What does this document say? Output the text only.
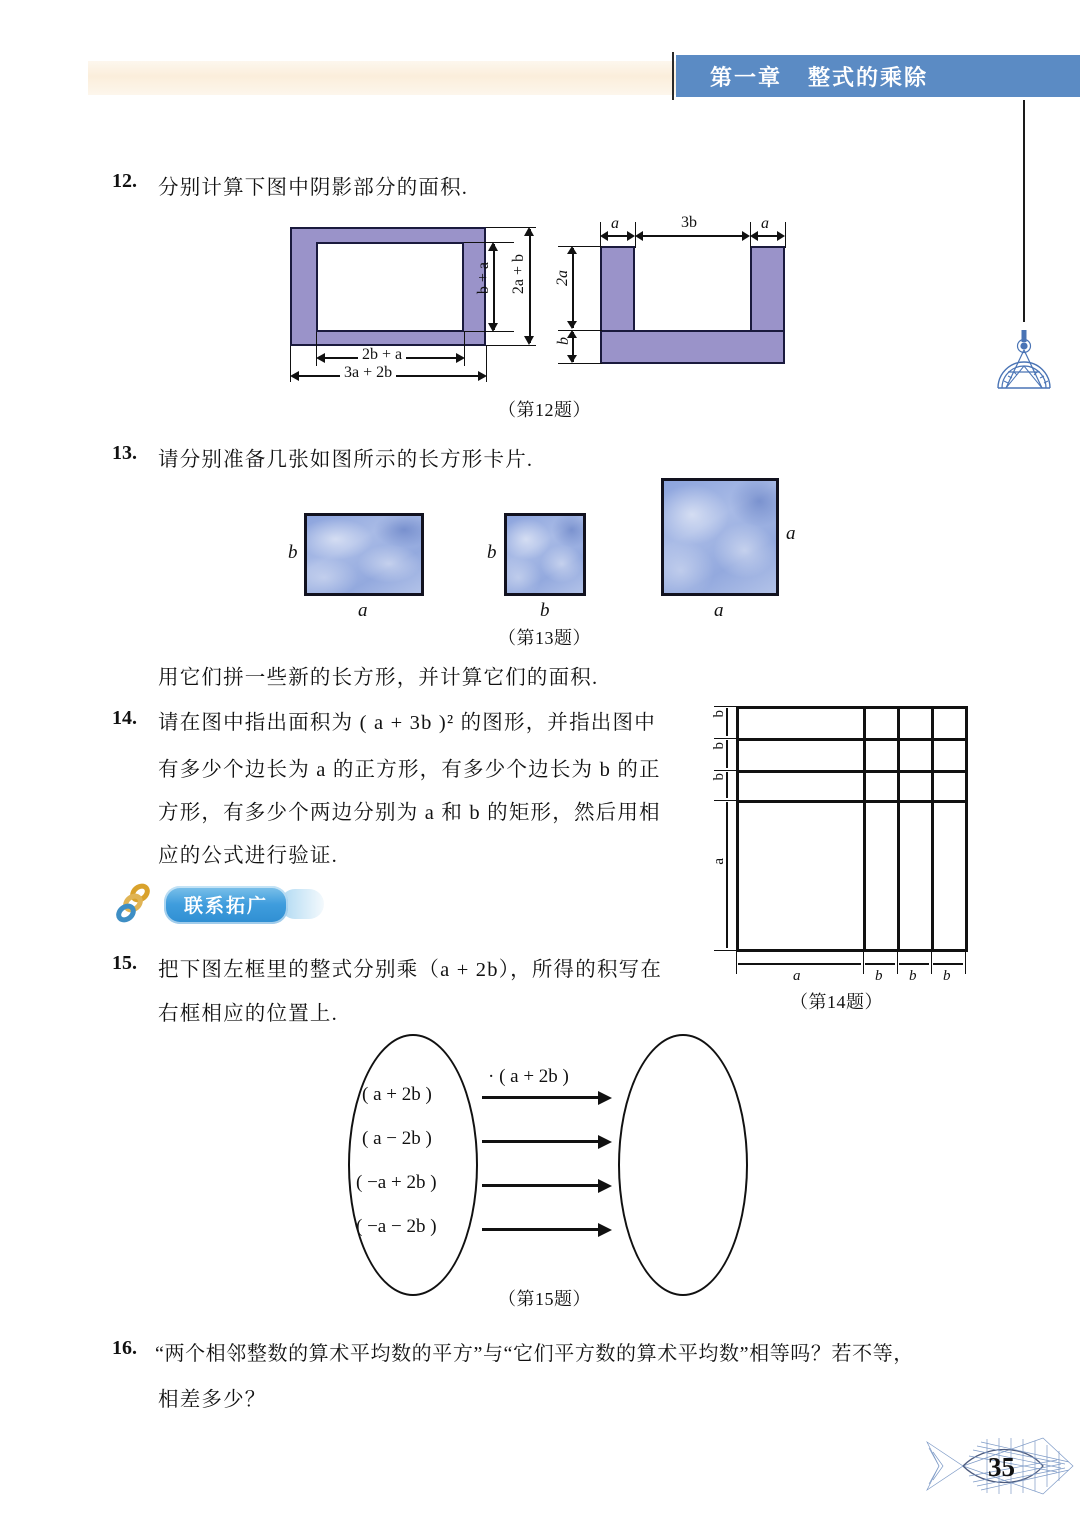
第一章 整式的乘除
12. 分别计算下图中阴影部分的面积.
b + a 2a + b
2b + a
3a + 2b
a	3b	a
2a
b
（第12题）
13. 请分别准备几张如图所示的长方形卡片.
b
a
b
b
a
a
（第13题）
用它们拼一些新的长方形，并计算它们的面积.
14. 请在图中指出面积为 ( a + 3b )² 的图形，并指出图中
有多少个边长为 a 的正方形，有多少个边长为 b 的正
方形，有多少个两边分别为 a 和 b 的矩形，然后用相
应的公式进行验证.
b
b
b
a
a	b b b
（第14题）
联系拓广
15. 把下图左框里的整式分别乘（a + 2b），所得的积写在
右框相应的位置上.
( a + 2b )
( a − 2b )
( −a + 2b )
( −a − 2b )
· ( a + 2b )
（第15题）
16. “两个相邻整数的算术平均数的平方”与“它们平方数的算术平均数”相等吗？若不等，
相差多少？
35
